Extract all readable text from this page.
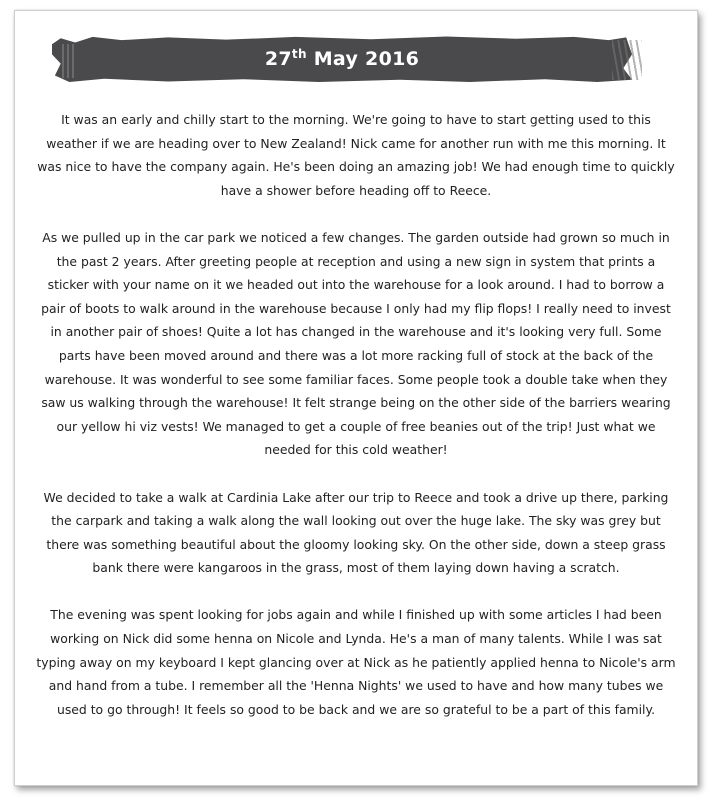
27th May 2016

It was an early and chilly start to the morning. We're going to have to start getting used to this weather if we are heading over to New Zealand! Nick came for another run with me this morning. It was nice to have the company again. He's been doing an amazing job! We had enough time to quickly have a shower before heading off to Reece.

As we pulled up in the car park we noticed a few changes. The garden outside had grown so much in the past 2 years. After greeting people at reception and using a new sign in system that prints a sticker with your name on it we headed out into the warehouse for a look around. I had to borrow a pair of boots to walk around in the warehouse because I only had my flip flops! I really need to invest in another pair of shoes! Quite a lot has changed in the warehouse and it's looking very full. Some parts have been moved around and there was a lot more racking full of stock at the back of the warehouse. It was wonderful to see some familiar faces. Some people took a double take when they saw us walking through the warehouse! It felt strange being on the other side of the barriers wearing our yellow hi viz vests! We managed to get a couple of free beanies out of the trip! Just what we needed for this cold weather!

We decided to take a walk at Cardinia Lake after our trip to Reece and took a drive up there, parking the carpark and taking a walk along the wall looking out over the huge lake. The sky was grey but there was something beautiful about the gloomy looking sky. On the other side, down a steep grass bank there were kangaroos in the grass, most of them laying down having a scratch.

The evening was spent looking for jobs again and while I finished up with some articles I had been working on Nick did some henna on Nicole and Lynda. He's a man of many talents. While I was sat typing away on my keyboard I kept glancing over at Nick as he patiently applied henna to Nicole's arm and hand from a tube. I remember all the 'Henna Nights' we used to have and how many tubes we used to go through! It feels so good to be back and we are so grateful to be a part of this family.
